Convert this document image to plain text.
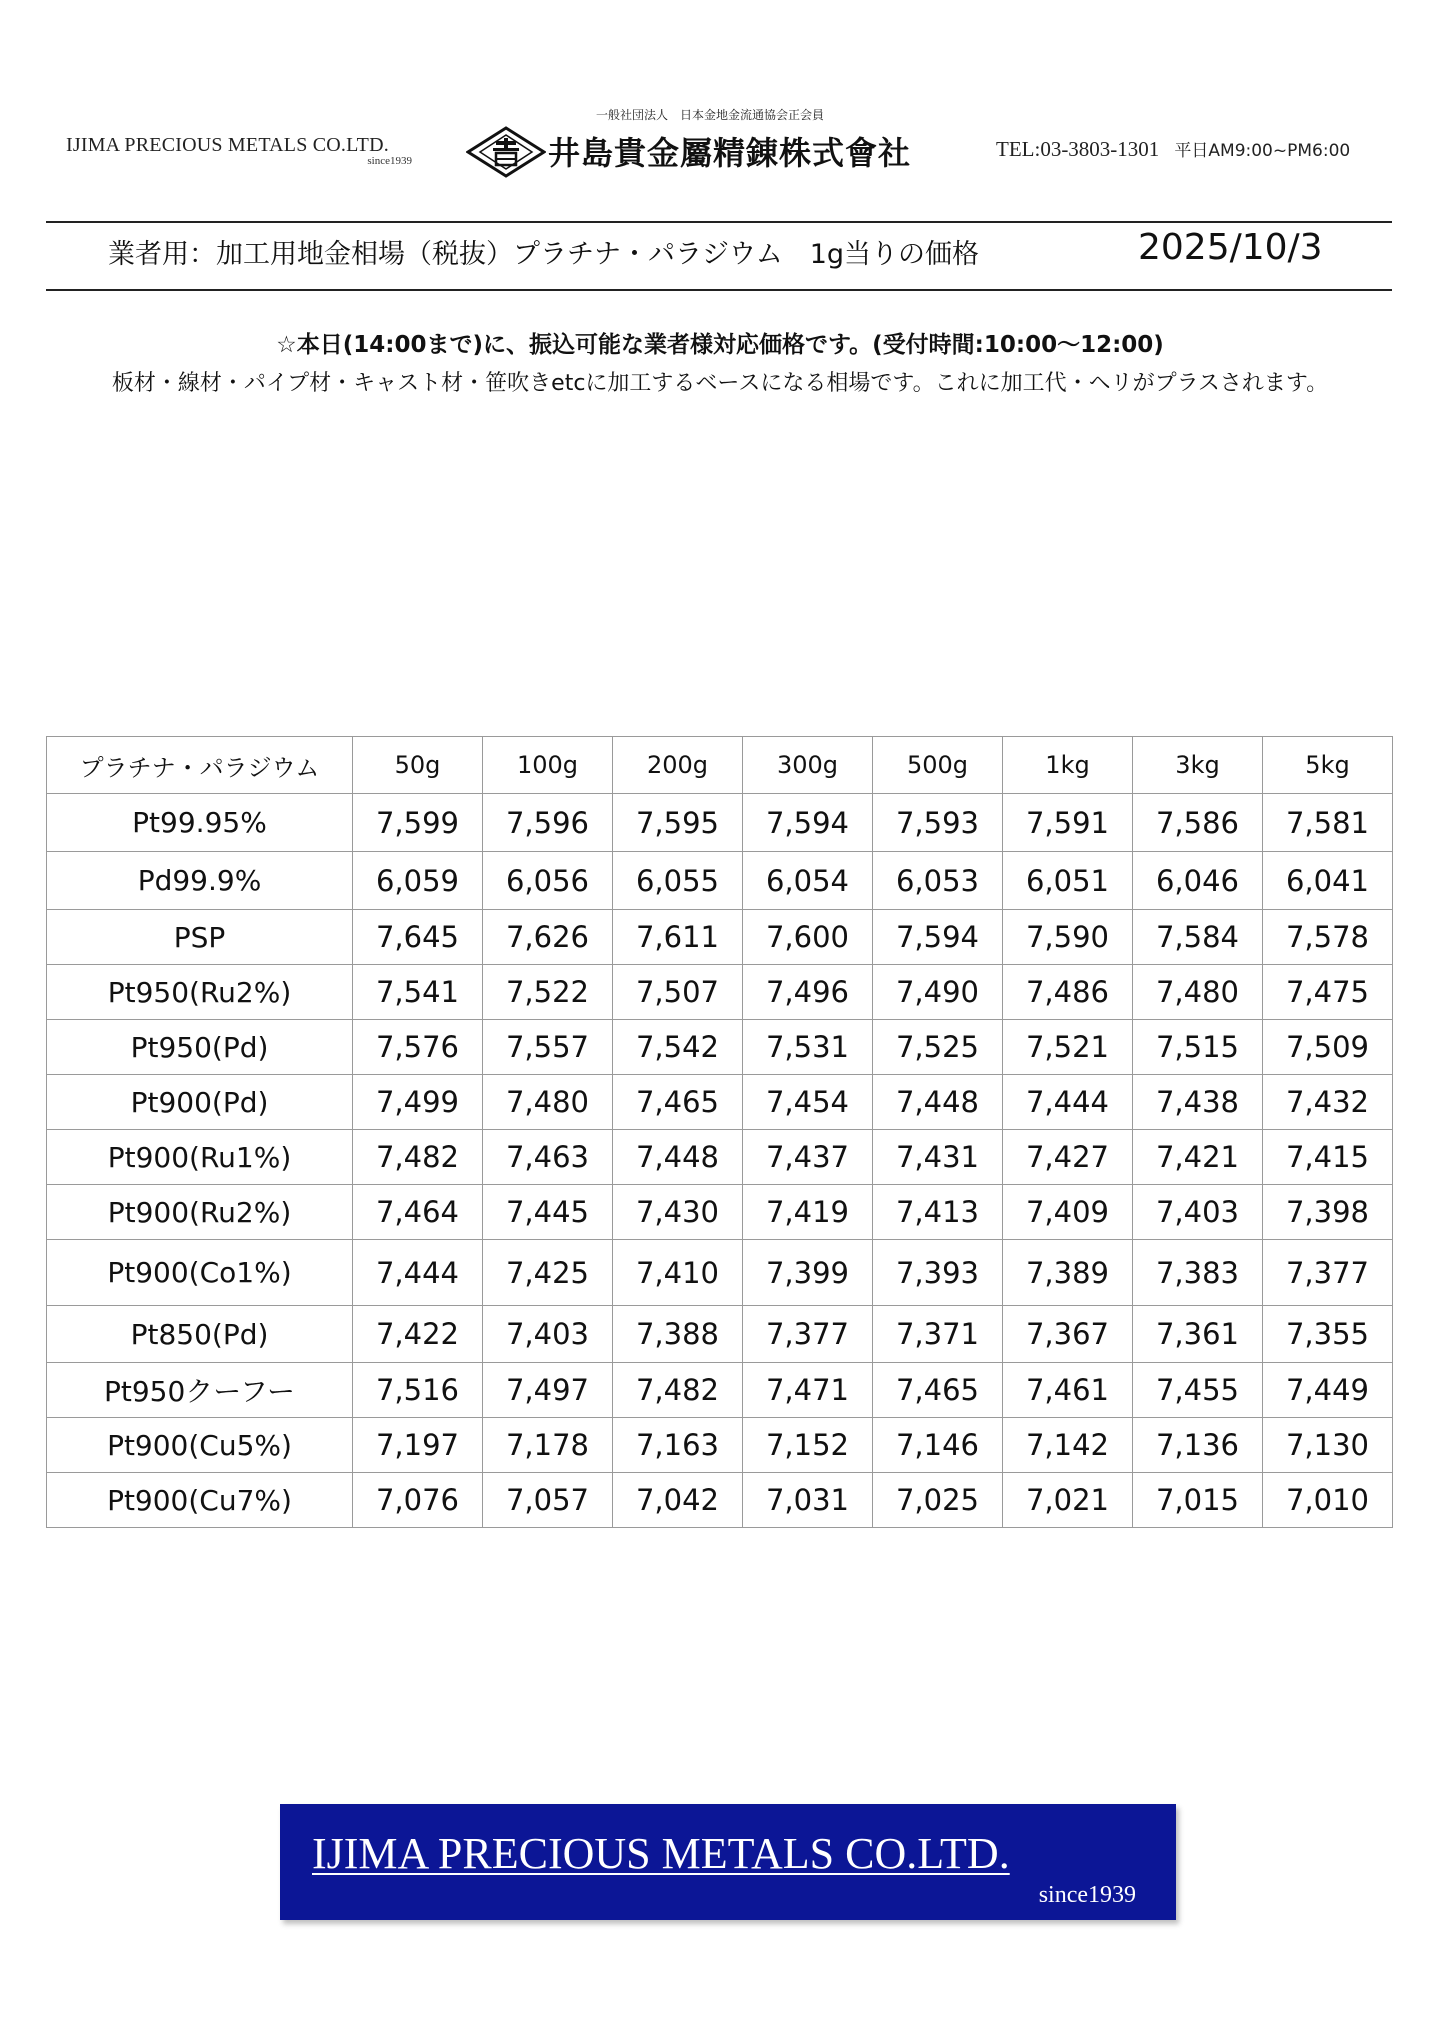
IJIMA PRECIOUS METALS CO.LTD.
since1939
一般社団法人　日本金地金流通協会正会員
井島貴金屬精錬株式會社	TEL:03-3803-1301 平日AM9:00~PM6:00
業者用：加工用地金相場（税抜）プラチナ・パラジウム　1g当りの価格	2025/10/3
☆本日(14:00まで)に、振込可能な業者様対応価格です。(受付時間:10:00～12:00)
板材・線材・パイプ材・キャスト材・笹吹きetcに加工するベースになる相場です。これに加工代・ヘリがプラスされます。
プラチナ・パラジウム	50g	100g	200g	300g	500g	1kg	3kg	5kg
Pt99.95%	7,599	7,596	7,595	7,594	7,593	7,591	7,586	7,581
Pd99.9%	6,059	6,056	6,055	6,054	6,053	6,051	6,046	6,041
PSP	7,645	7,626	7,611	7,600	7,594	7,590	7,584	7,578
Pt950(Ru2%)	7,541	7,522	7,507	7,496	7,490	7,486	7,480	7,475
Pt950(Pd)	7,576	7,557	7,542	7,531	7,525	7,521	7,515	7,509
Pt900(Pd)	7,499	7,480	7,465	7,454	7,448	7,444	7,438	7,432
Pt900(Ru1%)	7,482	7,463	7,448	7,437	7,431	7,427	7,421	7,415
Pt900(Ru2%)	7,464	7,445	7,430	7,419	7,413	7,409	7,403	7,398
Pt900(Co1%)	7,444	7,425	7,410	7,399	7,393	7,389	7,383	7,377
Pt850(Pd)	7,422	7,403	7,388	7,377	7,371	7,367	7,361	7,355
Pt950クーフー	7,516	7,497	7,482	7,471	7,465	7,461	7,455	7,449
Pt900(Cu5%)	7,197	7,178	7,163	7,152	7,146	7,142	7,136	7,130
Pt900(Cu7%)	7,076	7,057	7,042	7,031	7,025	7,021	7,015	7,010
IJIMA PRECIOUS METALS CO.LTD.
since1939
